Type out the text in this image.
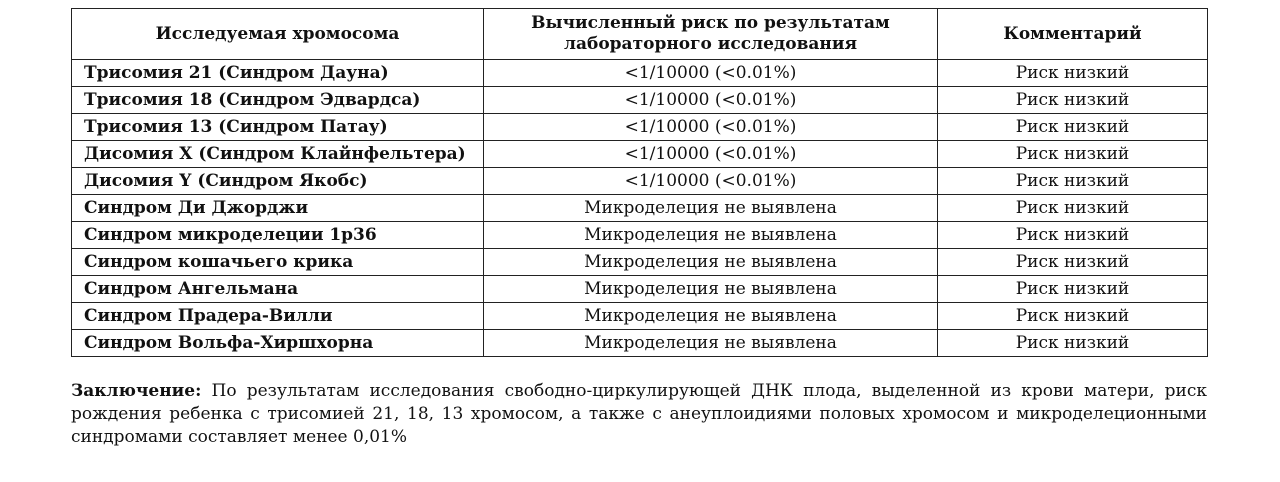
Исследуемая хромосома	Вычисленный риск по результатам лабораторного исследования	Комментарий
Трисомия 21 (Синдром Дауна)	<1/10000 (<0.01%)	Риск низкий
Трисомия 18 (Синдром Эдвардса)	<1/10000 (<0.01%)	Риск низкий
Трисомия 13 (Синдром Патау)	<1/10000 (<0.01%)	Риск низкий
Дисомия X (Синдром Клайнфельтера)	<1/10000 (<0.01%)	Риск низкий
Дисомия Y (Синдром Якобс)	<1/10000 (<0.01%)	Риск низкий
Синдром Ди Джорджи	Микроделеция не выявлена	Риск низкий
Синдром микроделеции 1p36	Микроделеция не выявлена	Риск низкий
Синдром кошачьего крика	Микроделеция не выявлена	Риск низкий
Синдром Ангельмана	Микроделеция не выявлена	Риск низкий
Синдром Прадера-Вилли	Микроделеция не выявлена	Риск низкий
Синдром Вольфа-Хиршхорна	Микроделеция не выявлена	Риск низкий

Заключение: По результатам исследования свободно-циркулирующей ДНК плода, выделенной из крови матери, риск рождения ребенка с трисомией 21, 18, 13 хромосом, а также с анеуплоидиями половых хромосом и микроделеционными синдромами составляет менее 0,01%
